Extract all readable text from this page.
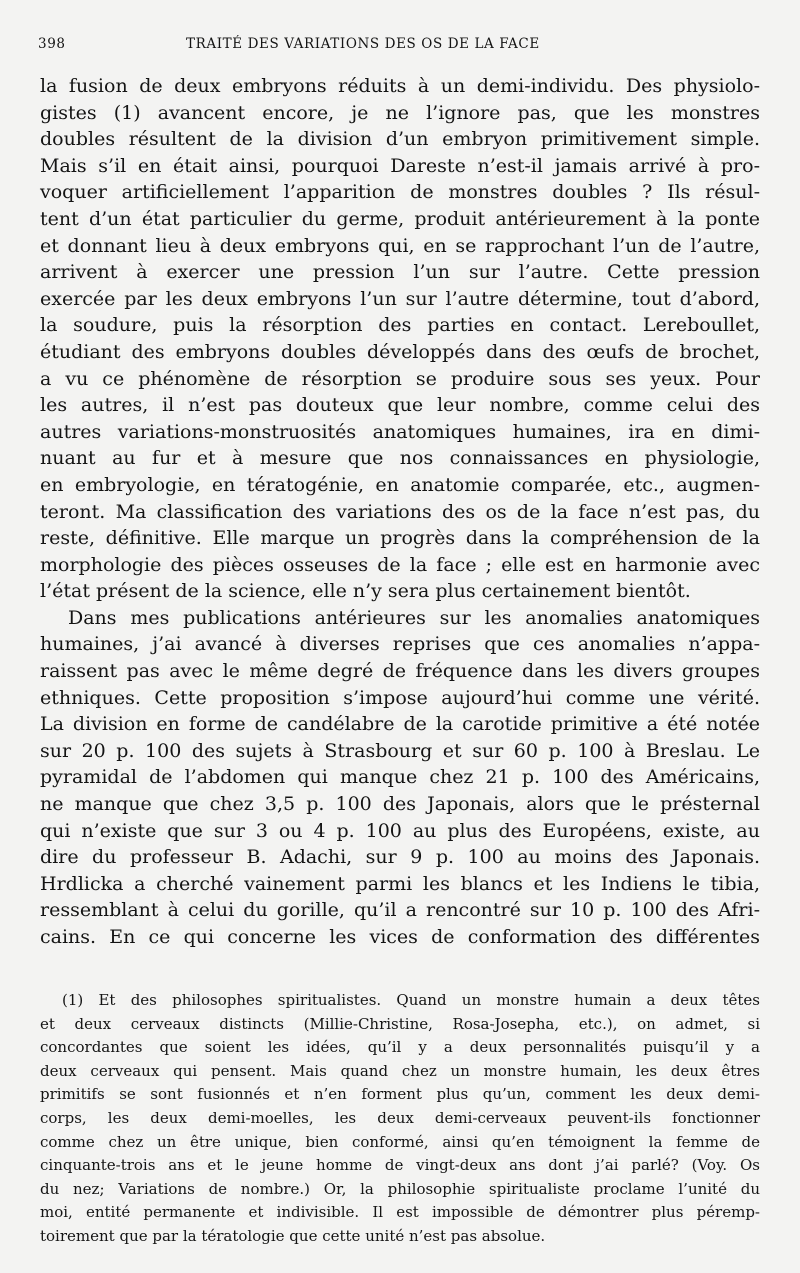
398	TRAITÉ DES VARIATIONS DES OS DE LA FACE
la fusion de deux embryons réduits à un demi-individu. Des physiolo-
gistes (1) avancent encore, je ne l’ignore pas, que les monstres
doubles résultent de la division d’un embryon primitivement simple.
Mais s’il en était ainsi, pourquoi Dareste n’est-il jamais arrivé à pro-
voquer artificiellement l’apparition de monstres doubles ? Ils résul-
tent d’un état particulier du germe, produit antérieurement à la ponte
et donnant lieu à deux embryons qui, en se rapprochant l’un de l’autre,
arrivent à exercer une pression l’un sur l’autre. Cette pression
exercée par les deux embryons l’un sur l’autre détermine, tout d’abord,
la soudure, puis la résorption des parties en contact. Lereboullet,
étudiant des embryons doubles développés dans des œufs de brochet,
a vu ce phénomène de résorption se produire sous ses yeux. Pour
les autres, il n’est pas douteux que leur nombre, comme celui des
autres variations-monstruosités anatomiques humaines, ira en dimi-
nuant au fur et à mesure que nos connaissances en physiologie,
en embryologie, en tératogénie, en anatomie comparée, etc., augmen-
teront. Ma classification des variations des os de la face n’est pas, du
reste, définitive. Elle marque un progrès dans la compréhension de la
morphologie des pièces osseuses de la face ; elle est en harmonie avec
l’état présent de la science, elle n’y sera plus certainement bientôt.
Dans mes publications antérieures sur les anomalies anatomiques
humaines, j’ai avancé à diverses reprises que ces anomalies n’appa-
raissent pas avec le même degré de fréquence dans les divers groupes
ethniques. Cette proposition s’impose aujourd’hui comme une vérité.
La division en forme de candélabre de la carotide primitive a été notée
sur 20 p. 100 des sujets à Strasbourg et sur 60 p. 100 à Breslau. Le
pyramidal de l’abdomen qui manque chez 21 p. 100 des Américains,
ne manque que chez 3,5 p. 100 des Japonais, alors que le présternal
qui n’existe que sur 3 ou 4 p. 100 au plus des Européens, existe, au
dire du professeur B. Adachi, sur 9 p. 100 au moins des Japonais.
Hrdlicka a cherché vainement parmi les blancs et les Indiens le tibia,
ressemblant à celui du gorille, qu’il a rencontré sur 10 p. 100 des Afri-
cains. En ce qui concerne les vices de conformation des différentes
(1) Et des philosophes spiritualistes. Quand un monstre humain a deux têtes
et deux cerveaux distincts (Millie-Christine, Rosa-Josepha, etc.), on admet, si
concordantes que soient les idées, qu’il y a deux personnalités puisqu’il y a
deux cerveaux qui pensent. Mais quand chez un monstre humain, les deux êtres
primitifs se sont fusionnés et n’en forment plus qu’un, comment les deux demi-
corps, les deux demi-moelles, les deux demi-cerveaux peuvent-ils fonctionner
comme chez un être unique, bien conformé, ainsi qu’en témoignent la femme de
cinquante-trois ans et le jeune homme de vingt-deux ans dont j’ai parlé? (Voy. Os
du nez; Variations de nombre.) Or, la philosophie spiritualiste proclame l’unité du
moi, entité permanente et indivisible. Il est impossible de démontrer plus péremp-
toirement que par la tératologie que cette unité n’est pas absolue.
